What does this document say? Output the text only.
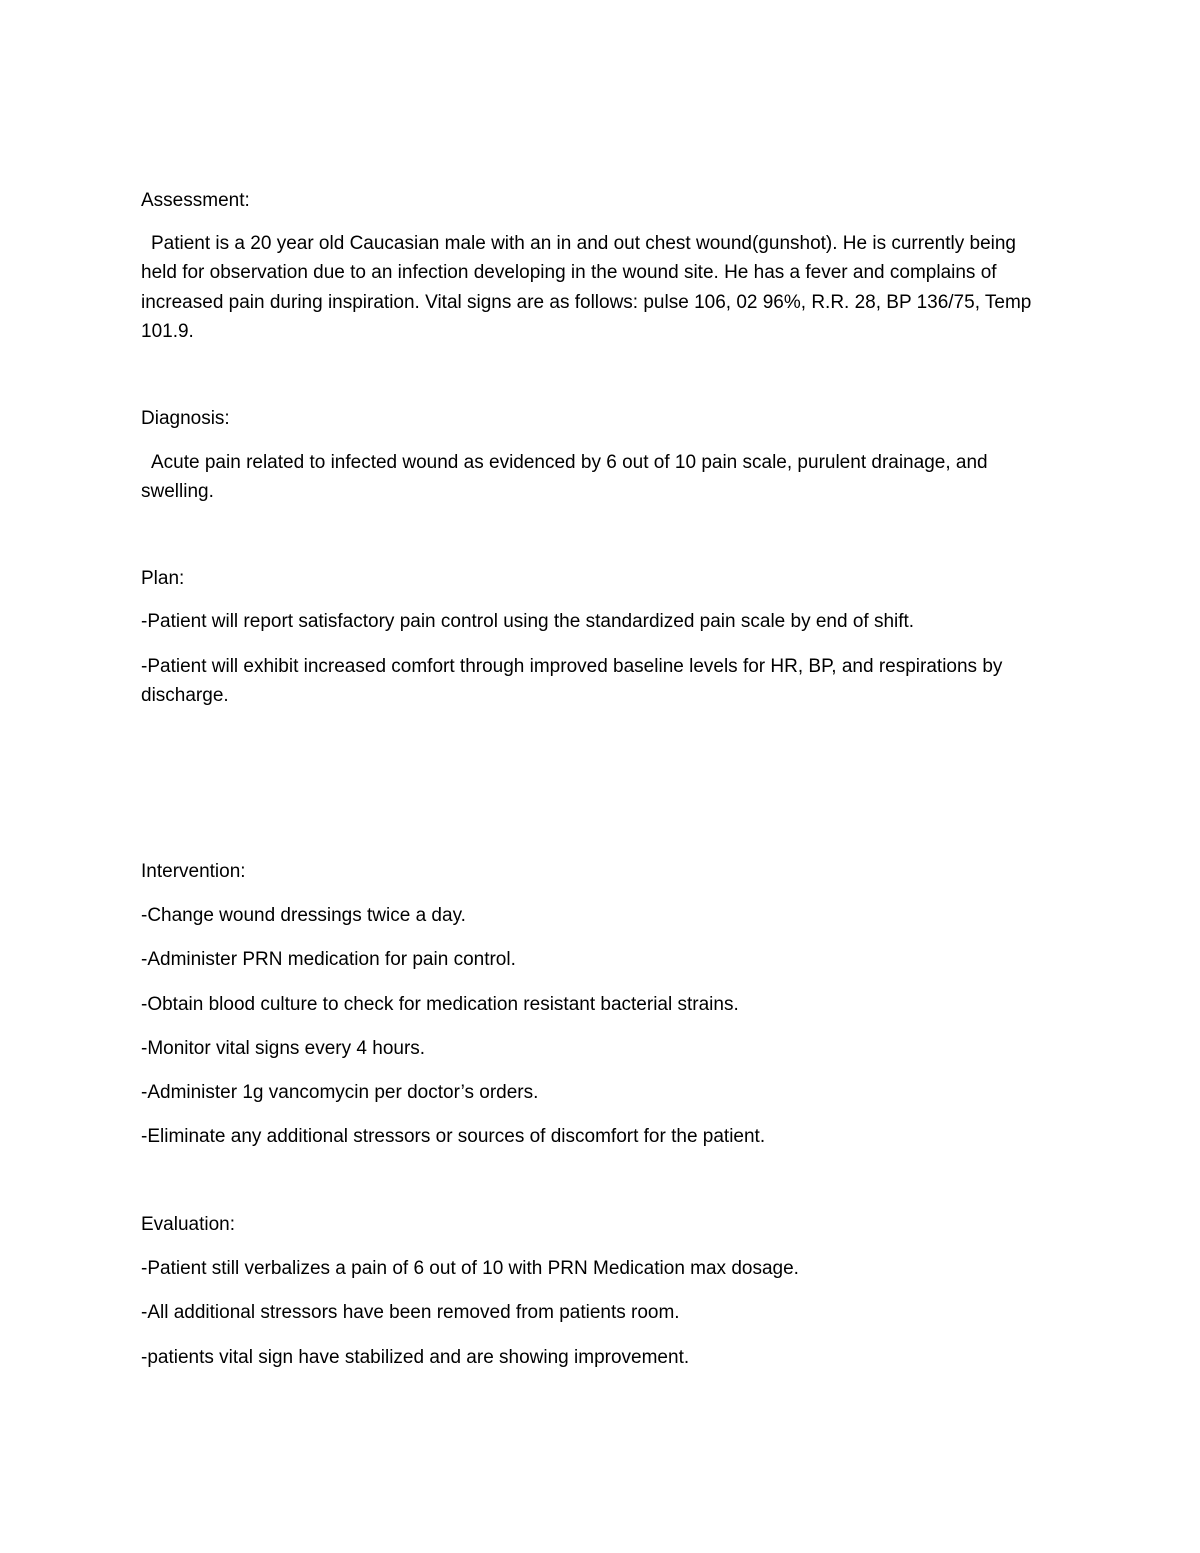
Assessment:

Patient is a 20 year old Caucasian male with an in and out chest wound(gunshot). He is currently being held for observation due to an infection developing in the wound site. He has a fever and complains of increased pain during inspiration. Vital signs are as follows: pulse 106, 02 96%, R.R. 28, BP 136/75, Temp 101.9.

Diagnosis:

Acute pain related to infected wound as evidenced by 6 out of 10 pain scale, purulent drainage, and swelling.

Plan:

-Patient will report satisfactory pain control using the standardized pain scale by end of shift.

-Patient will exhibit increased comfort through improved baseline levels for HR, BP, and respirations by discharge.

Intervention:

-Change wound dressings twice a day.

-Administer PRN medication for pain control.

-Obtain blood culture to check for medication resistant bacterial strains.

-Monitor vital signs every 4 hours.

-Administer 1g vancomycin per doctor’s orders.

-Eliminate any additional stressors or sources of discomfort for the patient.

Evaluation:

-Patient still verbalizes a pain of 6 out of 10 with PRN Medication max dosage.

-All additional stressors have been removed from patients room.

-patients vital sign have stabilized and are showing improvement.
